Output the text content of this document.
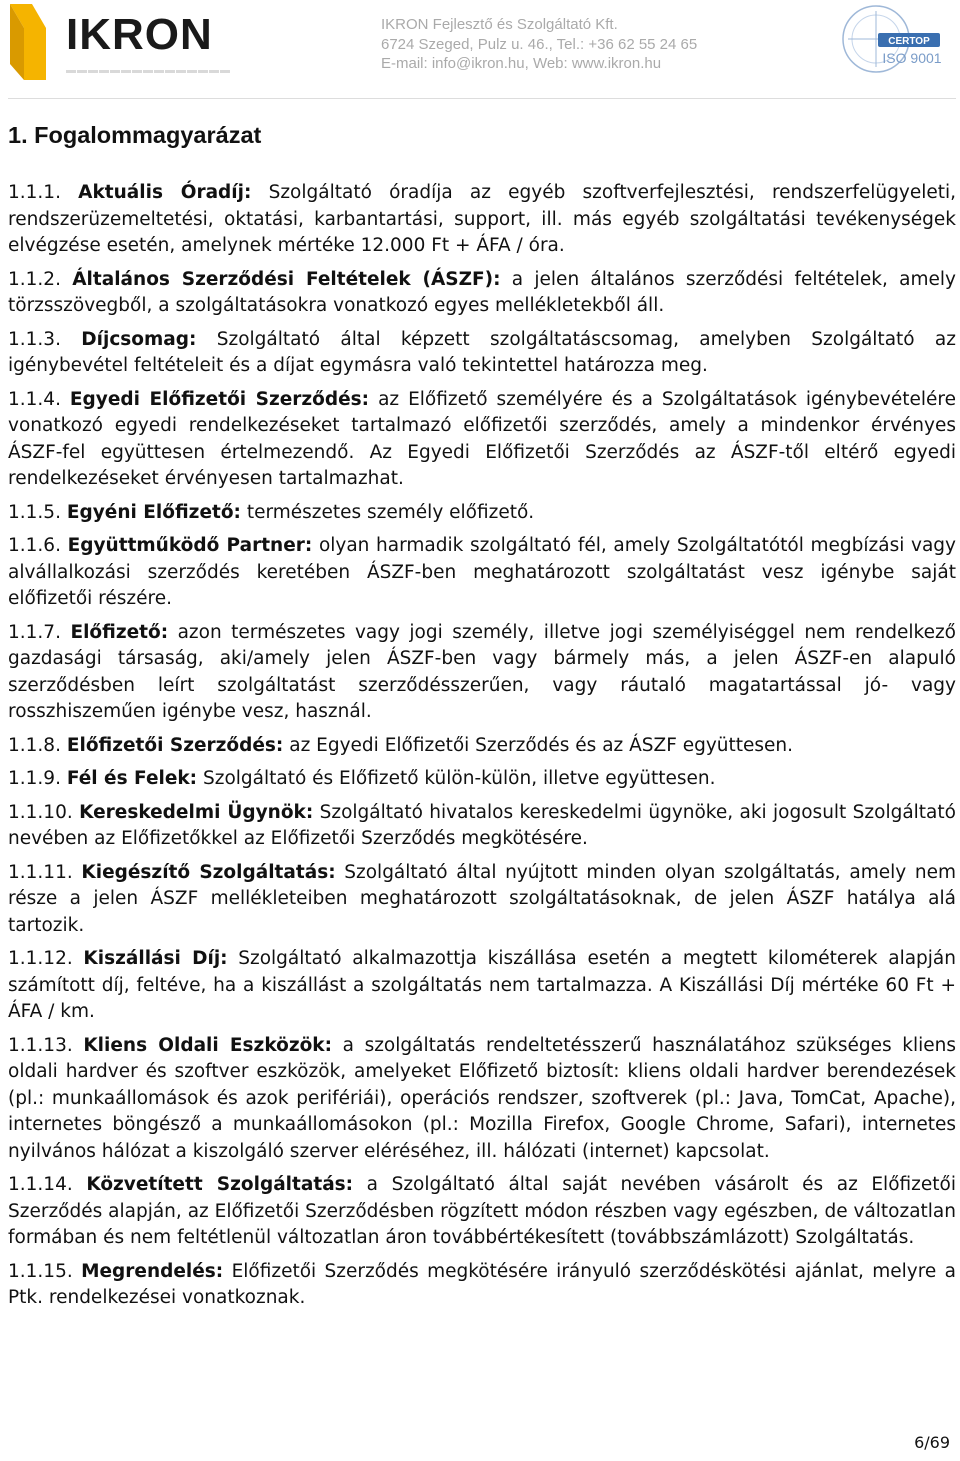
IKRON
▬▬▬▬▬▬▬▬▬▬▬▬▬▬▬
IKRON Fejlesztő és Szolgáltató Kft.
6724 Szeged, Pulz u. 46., Tel.: +36 62 55 24 65
E-mail: info@ikron.hu, Web: www.ikron.hu
CERTOP
ISO 9001
1. Fogalommagyarázat

1.1.1. Aktuális Óradíj: Szolgáltató óradíja az egyéb szoftverfejlesztési, rendszerfelügyeleti, rendszerüzemeltetési, oktatási, karbantartási, support, ill. más egyéb szolgáltatási tevékenységek elvégzése esetén, amelynek mértéke 12.000 Ft + ÁFA / óra.

1.1.2. Általános Szerződési Feltételek (ÁSZF): a jelen általános szerződési feltételek, amely törzsszövegből, a szolgáltatásokra vonatkozó egyes mellékletekből áll.

1.1.3. Díjcsomag: Szolgáltató által képzett szolgáltatáscsomag, amelyben Szolgáltató az igénybevétel feltételeit és a díjat egymásra való tekintettel határozza meg.

1.1.4. Egyedi Előfizetői Szerződés: az Előfizető személyére és a Szolgáltatások igénybevételére vonatkozó egyedi rendelkezéseket tartalmazó előfizetői szerződés, amely a mindenkor érvényes ÁSZF-fel együttesen értelmezendő. Az Egyedi Előfizetői Szerződés az ÁSZF-től eltérő egyedi rendelkezéseket érvényesen tartalmazhat.

1.1.5. Egyéni Előfizető: természetes személy előfizető.

1.1.6. Együttműködő Partner: olyan harmadik szolgáltató fél, amely Szolgáltatótól megbízási vagy alvállalkozási szerződés keretében ÁSZF-ben meghatározott szolgáltatást vesz igénybe saját előfizetői részére.

1.1.7. Előfizető: azon természetes vagy jogi személy, illetve jogi személyiséggel nem rendelkező gazdasági társaság, aki/amely jelen ÁSZF-ben vagy bármely más, a jelen ÁSZF-en alapuló szerződésben leírt szolgáltatást szerződésszerűen, vagy ráutaló magatartással jó- vagy rosszhiszeműen igénybe vesz, használ.

1.1.8. Előfizetői Szerződés: az Egyedi Előfizetői Szerződés és az ÁSZF együttesen.

1.1.9. Fél és Felek: Szolgáltató és Előfizető külön-külön, illetve együttesen.

1.1.10. Kereskedelmi Ügynök: Szolgáltató hivatalos kereskedelmi ügynöke, aki jogosult Szolgáltató nevében az Előfizetőkkel az Előfizetői Szerződés megkötésére.

1.1.11. Kiegészítő Szolgáltatás: Szolgáltató által nyújtott minden olyan szolgáltatás, amely nem része a jelen ÁSZF mellékleteiben meghatározott szolgáltatásoknak, de jelen ÁSZF hatálya alá tartozik.

1.1.12. Kiszállási Díj: Szolgáltató alkalmazottja kiszállása esetén a megtett kilométerek alapján számított díj, feltéve, ha a kiszállást a szolgáltatás nem tartalmazza. A Kiszállási Díj mértéke 60 Ft + ÁFA / km.

1.1.13. Kliens Oldali Eszközök: a szolgáltatás rendeltetésszerű használatához szükséges kliens oldali hardver és szoftver eszközök, amelyeket Előfizető biztosít: kliens oldali hardver berendezések (pl.: munkaállomások és azok perifériái), operációs rendszer, szoftverek (pl.: Java, TomCat, Apache), internetes böngésző a munkaállomásokon (pl.: Mozilla Firefox, Google Chrome, Safari), internetes nyilvános hálózat a kiszolgáló szerver eléréséhez, ill. hálózati (internet) kapcsolat.

1.1.14. Közvetített Szolgáltatás: a Szolgáltató által saját nevében vásárolt és az Előfizetői Szerződés alapján, az Előfizetői Szerződésben rögzített módon részben vagy egészben, de változatlan formában és nem feltétlenül változatlan áron továbbértékesített (továbbszámlázott) Szolgáltatás.

1.1.15. Megrendelés: Előfizetői Szerződés megkötésére irányuló szerződéskötési ajánlat, melyre a Ptk. rendelkezései vonatkoznak.

6/69
